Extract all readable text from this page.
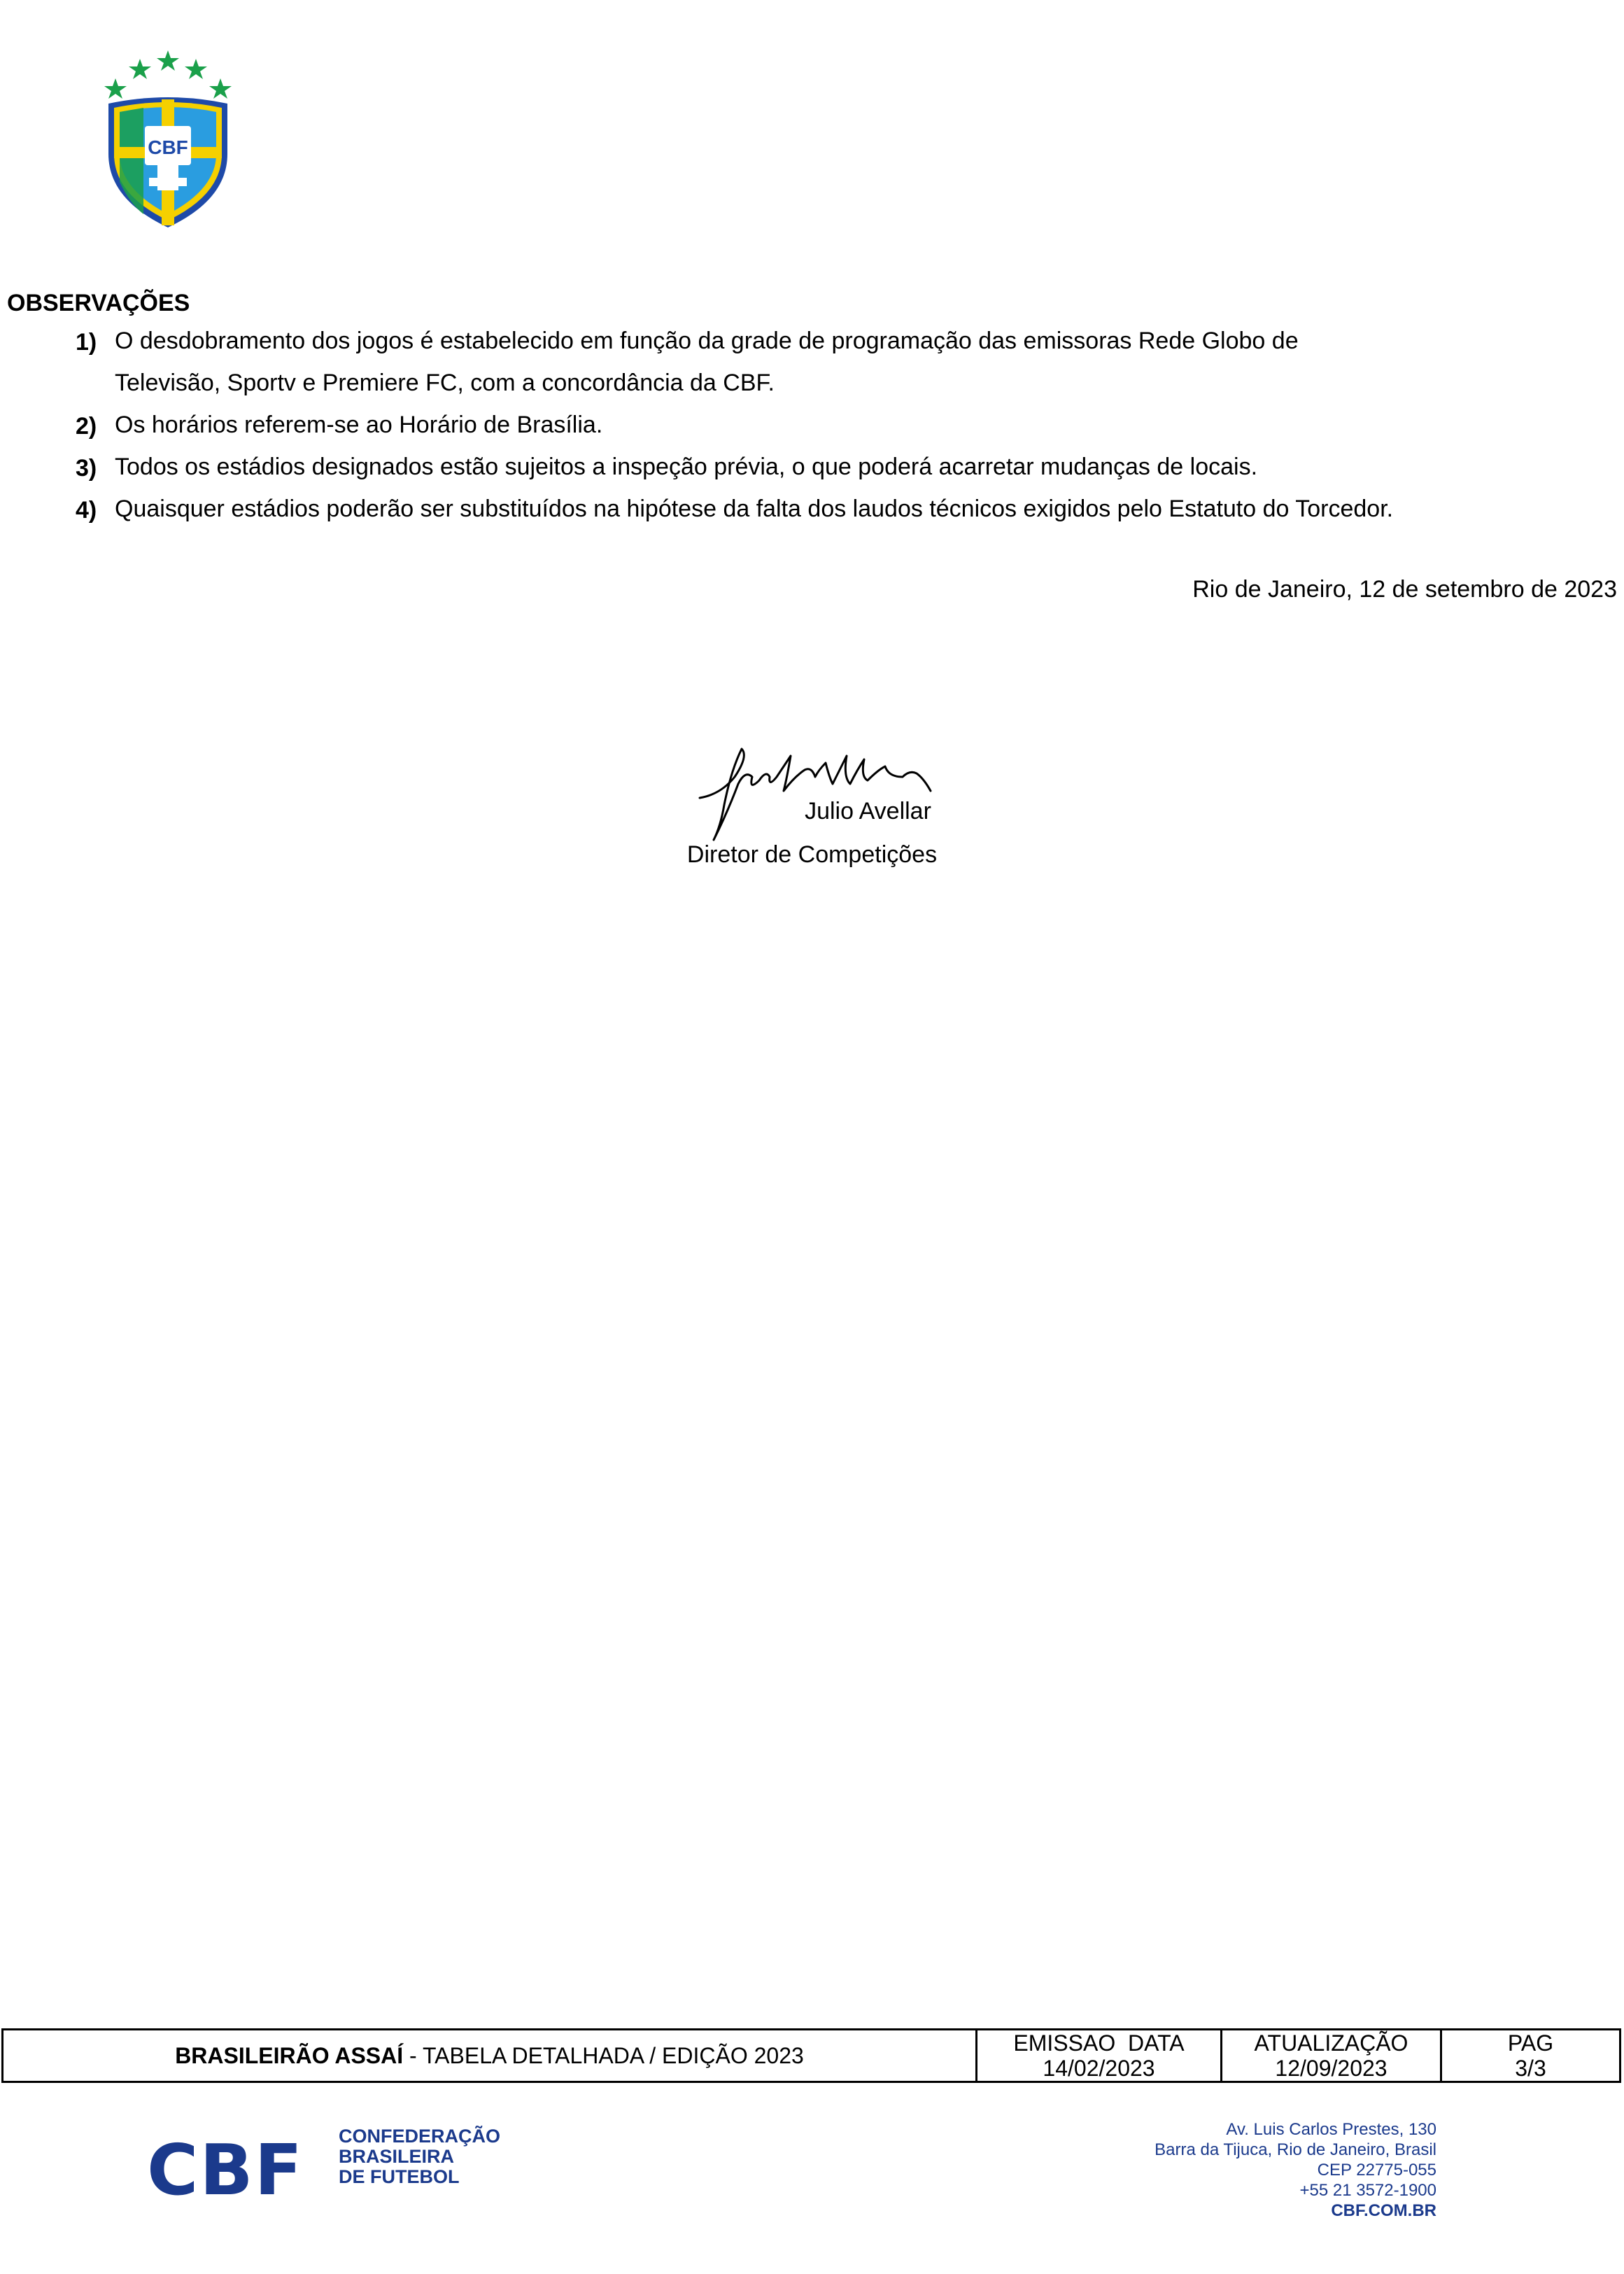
CBF
OBSERVAÇÕES
1) O desdobramento dos jogos é estabelecido em função da grade de programação das emissoras Rede Globo de
Televisão, Sportv e Premiere FC, com a concordância da CBF.
2) Os horários referem-se ao Horário de Brasília.
3) Todos os estádios designados estão sujeitos a inspeção prévia, o que poderá acarretar mudanças de locais.
4) Quaisquer estádios poderão ser substituídos na hipótese da falta dos laudos técnicos exigidos pelo Estatuto do Torcedor.
Rio de Janeiro, 12 de setembro de 2023
Julio Avellar
Diretor de Competições
BRASILEIRÃO ASSAÍ - TABELA DETALHADA / EDIÇÃO 2023	EMISSAO  DATA
14/02/2023
ATUALIZAÇÃO
12/09/2023
PAG
3/3
CBF CONFEDERAÇÃO
BRASILEIRA
DE FUTEBOL
Av. Luis Carlos Prestes, 130
Barra da Tijuca, Rio de Janeiro, Brasil
CEP 22775-055
+55 21 3572-1900
CBF.COM.BR
